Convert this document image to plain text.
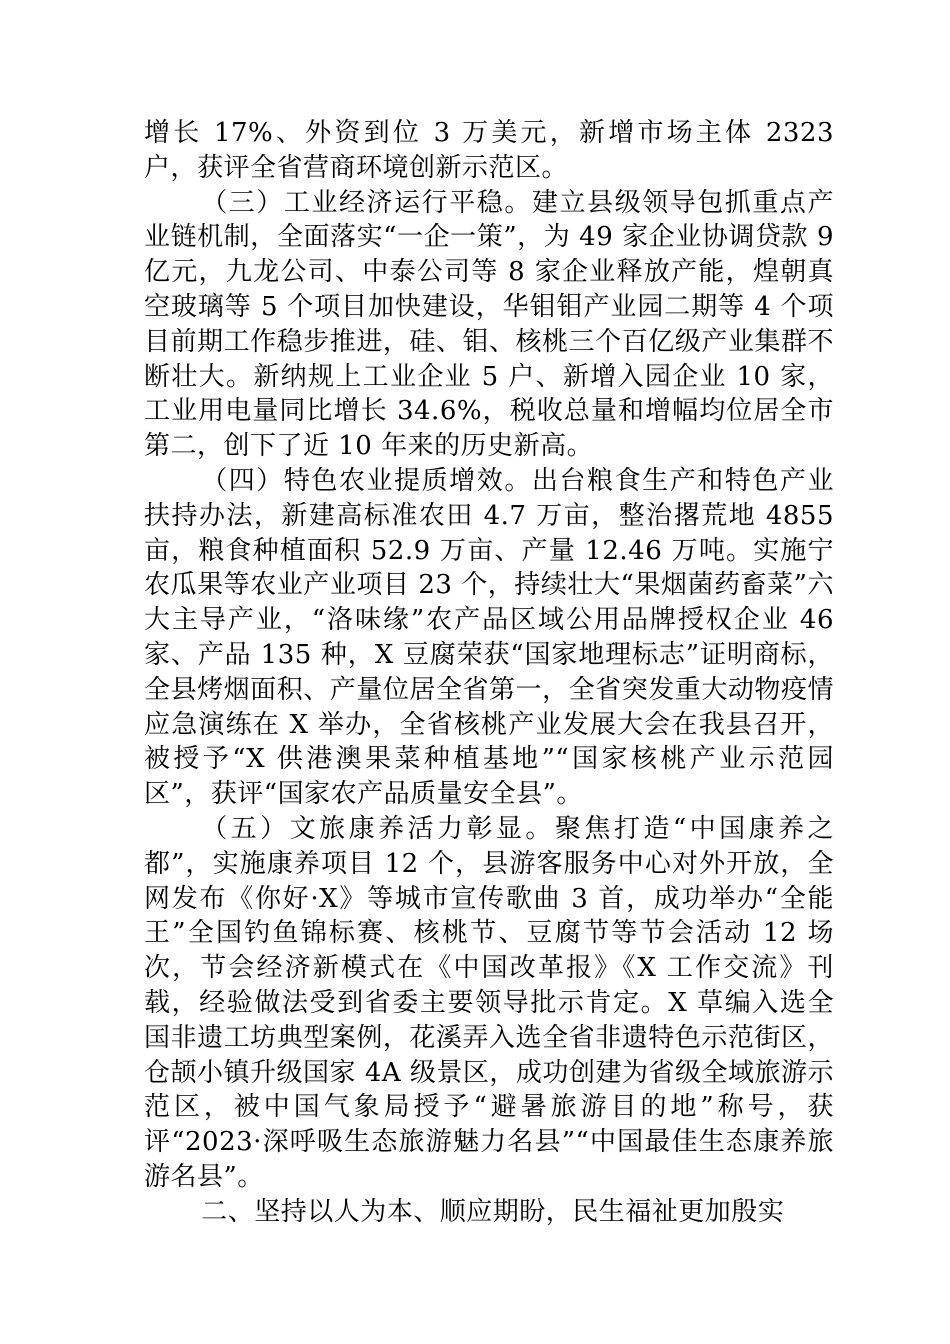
增长 17%、外资到位 3 万美元，新增市场主体 2323 户，获评全省营商环境创新示范区。

（三）工业经济运行平稳。建立县级领导包抓重点产业链机制，全面落实“一企一策”，为 49 家企业协调贷款 9 亿元，九龙公司、中泰公司等 8 家企业释放产能，煌朝真空玻璃等 5 个项目加快建设，华钼钼产业园二期等 4 个项目前期工作稳步推进，硅、钼、核桃三个百亿级产业集群不断壮大。新纳规上工业企业 5 户、新增入园企业 10 家，工业用电量同比增长 34.6%，税收总量和增幅均位居全市第二，创下了近 10 年来的历史新高。

（四）特色农业提质增效。出台粮食生产和特色产业扶持办法，新建高标准农田 4.7 万亩，整治撂荒地 4855 亩，粮食种植面积 52.9 万亩、产量 12.46 万吨。实施宁农瓜果等农业产业项目 23 个，持续壮大“果烟菌药畜菜”六大主导产业，“洛味缘”农产品区域公用品牌授权企业 46 家、产品 135 种，X 豆腐荣获“国家地理标志”证明商标，全县烤烟面积、产量位居全省第一，全省突发重大动物疫情应急演练在 X 举办，全省核桃产业发展大会在我县召开，被授予“X 供港澳果菜种植基地”“国家核桃产业示范园区”，获评“国家农产品质量安全县”。

（五）文旅康养活力彰显。聚焦打造“中国康养之都”，实施康养项目 12 个，县游客服务中心对外开放，全网发布《你好·X》等城市宣传歌曲 3 首，成功举办“全能王”全国钓鱼锦标赛、核桃节、豆腐节等节会活动 12 场次，节会经济新模式在《中国改革报》《X 工作交流》刊载，经验做法受到省委主要领导批示肯定。X 草编入选全国非遗工坊典型案例，花溪弄入选全省非遗特色示范街区，仓颉小镇升级国家 4A 级景区，成功创建为省级全域旅游示范区，被中国气象局授予“避暑旅游目的地”称号，获评“2023·深呼吸生态旅游魅力名县”“中国最佳生态康养旅游名县”。

二、坚持以人为本、顺应期盼，民生福祉更加殷实
